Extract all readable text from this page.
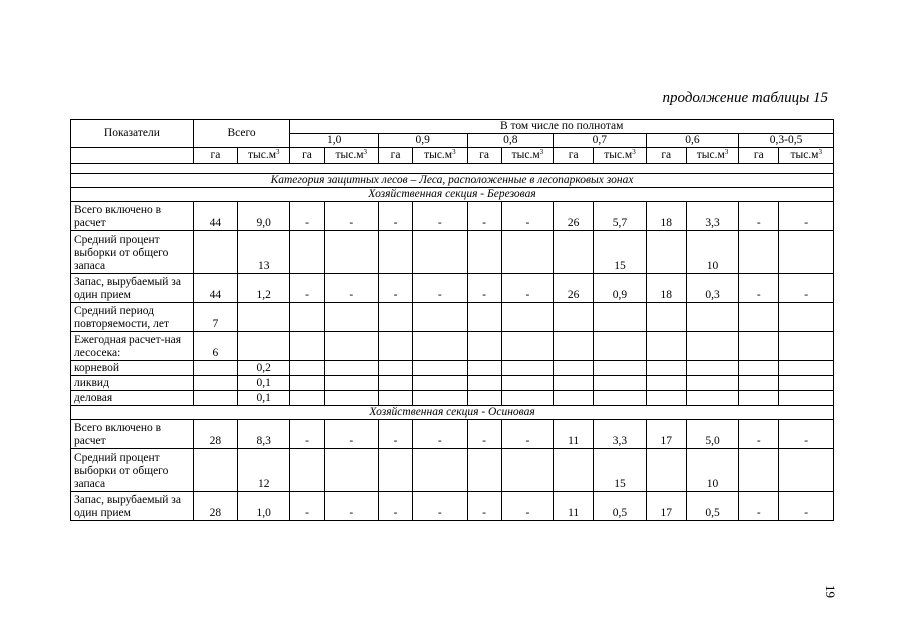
продолжение таблицы 15
Показатели	Всего		В том числе по полнотам											
			1,0		0,9		0,8		0,7		0,6		0,3-0,5	
	га	$тыс.м^3$	га	$тыс.м^3$	га	$тыс.м^3$	га	$тыс.м^3$	га	$тыс.м^3$	га	$тыс.м^3$	га	$тыс.м^3$

Категория защитных лесов – Леса, расположенные в лесопарковых зонах														
Хозяйственная секция - Березовая														
Всего включено в расчет	44	9,0	-	-	-	-	-	-	26	5,7	18	3,3	-	-
Средний процент выборки от общего запаса		13								15		10		
Запас, вырубаемый за один прием	44	1,2	-	-	-	-	-	-	26	0,9	18	0,3	-	-
Средний период повторяемости, лет	7													
Ежегодная расчет-ная лесосека:	6													
корневой		0,2												
ликвид		0,1												
деловая		0,1												
Хозяйственная секция - Осиновая														
Всего включено в расчет	28	8,3	-	-	-	-	-	-	11	3,3	17	5,0	-	-
Средний процент выборки от общего запаса		12								15		10		
Запас, вырубаемый за один прием	28	1,0	-	-	-	-	-	-	11	0,5	17	0,5	-	-
19
